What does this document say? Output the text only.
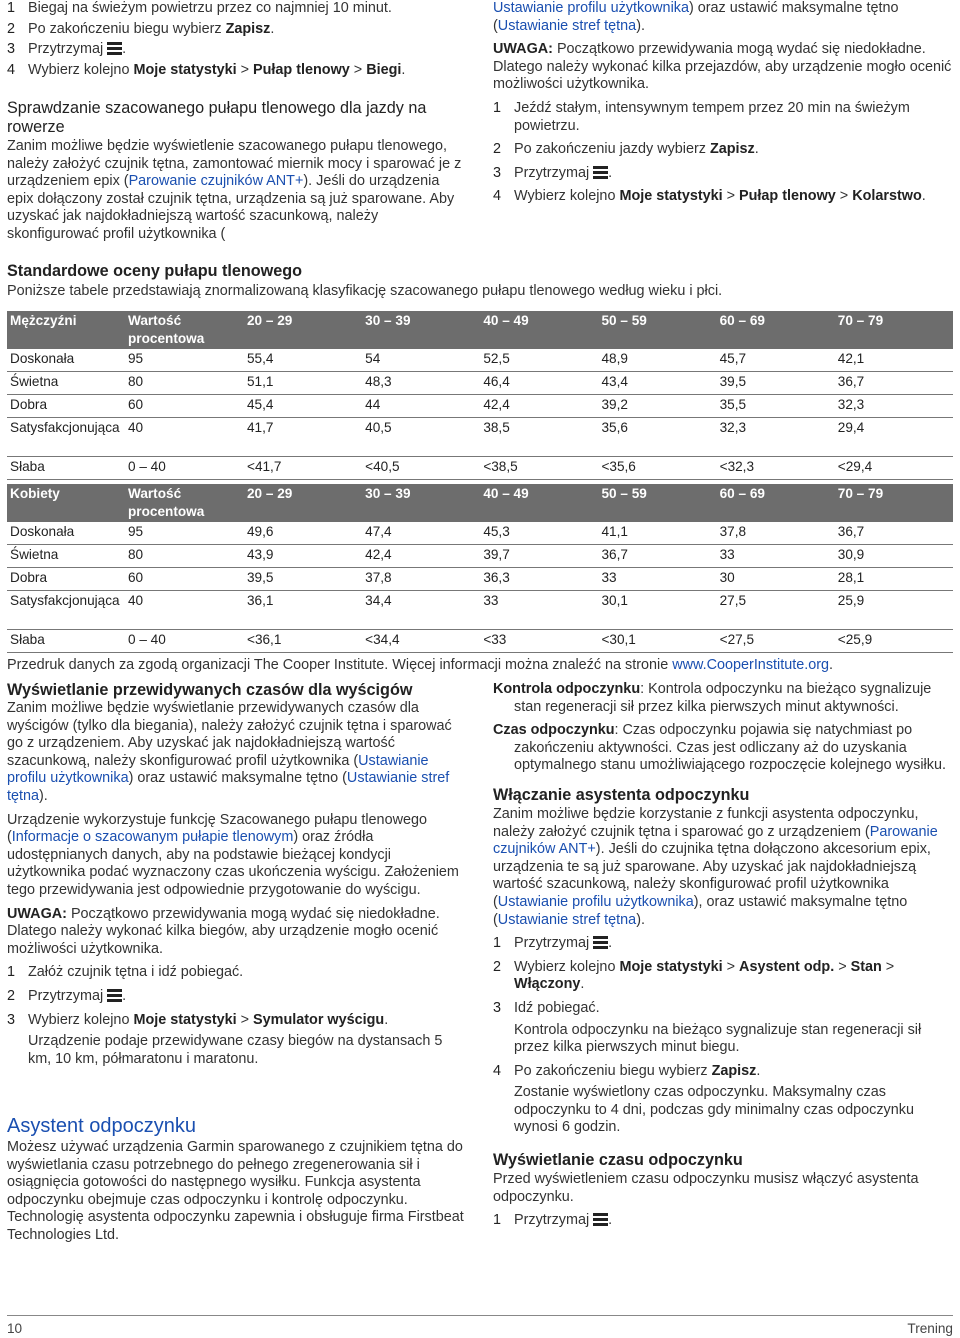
1 Biegaj na świeżym powietrzu przez co najmniej 10 minut.

2 Po zakończeniu biegu wybierz Zapisz.

3 Przytrzymaj
.

4 Wybierz kolejno Moje statystyki > Pułap tlenowy > Biegi.

Sprawdzanie szacowanego pułapu tlenowego dla jazdy na rowerze

Zanim możliwe będzie wyświetlenie szacowanego pułapu tlenowego, należy założyć czujnik tętna, zamontować miernik mocy i sparować je z urządzeniem epix (Parowanie czujników ANT+). Jeśli do urządzenia epix dołączony został czujnik tętna, urządzenia są już sparowane. Aby uzyskać jak najdokładniejszą wartość szacunkową, należy skonfigurować profil użytkownika (

Ustawianie profilu użytkownika) oraz ustawić maksymalne tętno (Ustawianie stref tętna).

UWAGA: Początkowo przewidywania mogą wydać się niedokładne. Dlatego należy wykonać kilka przejazdów, aby urządzenie mogło ocenić możliwości użytkownika.

1 Jeźdź stałym, intensywnym tempem przez 20 min na świeżym powietrzu.

2 Po zakończeniu jazdy wybierz Zapisz.

3 Przytrzymaj
.

4 Wybierz kolejno Moje statystyki > Pułap tlenowy > Kolarstwo.

Standardowe oceny pułapu tlenowego

Poniższe tabele przedstawiają znormalizowaną klasyfikację szacowanego pułapu tlenowego według wieku i płci.

Mężczyźni	Wartość procentowa	20 – 29	30 – 39	40 – 49	50 – 59	60 – 69	70 – 79
Doskonała	95	55,4	54	52,5	48,9	45,7	42,1
Świetna	80	51,1	48,3	46,4	43,4	39,5	36,7
Dobra	60	45,4	44	42,4	39,2	35,5	32,3
Satysfakcjonująca	40	41,7	40,5	38,5	35,6	32,3	29,4
Słaba	0 – 40	<41,7	<40,5	<38,5	<35,6	<32,3	<29,4
Kobiety	Wartość procentowa	20 – 29	30 – 39	40 – 49	50 – 59	60 – 69	70 – 79
Doskonała	95	49,6	47,4	45,3	41,1	37,8	36,7
Świetna	80	43,9	42,4	39,7	36,7	33	30,9
Dobra	60	39,5	37,8	36,3	33	30	28,1
Satysfakcjonująca	40	36,1	34,4	33	30,1	27,5	25,9
Słaba	0 – 40	<36,1	<34,4	<33	<30,1	<27,5	<25,9

Przedruk danych za zgodą organizacji The Cooper Institute. Więcej informacji można znaleźć na stronie www.CooperInstitute.org.

Wyświetlanie przewidywanych czasów dla wyścigów

Zanim możliwe będzie wyświetlanie przewidywanych czasów dla wyścigów (tylko dla biegania), należy założyć czujnik tętna i sparować go z urządzeniem. Aby uzyskać jak najdokładniejszą wartość szacunkową, należy skonfigurować profil użytkownika (Ustawianie profilu użytkownika) oraz ustawić maksymalne tętno (Ustawianie stref tętna).

Urządzenie wykorzystuje funkcję Szacowanego pułapu tlenowego (Informacje o szacowanym pułapie tlenowym) oraz źródła udostępnianych danych, aby na podstawie bieżącej kondycji użytkownika podać wyznaczony czas ukończenia wyścigu. Założeniem tego przewidywania jest odpowiednie przygotowanie do wyścigu.

UWAGA: Początkowo przewidywania mogą wydać się niedokładne. Dlatego należy wykonać kilka biegów, aby urządzenie mogło ocenić możliwości użytkownika.

1 Załóż czujnik tętna i idź pobiegać.

2 Przytrzymaj
.

3 Wybierz kolejno Moje statystyki > Symulator wyścigu.

Urządzenie podaje przewidywane czasy biegów na dystansach 5 km, 10 km, półmaratonu i maratonu.

Asystent odpoczynku

Możesz używać urządzenia Garmin sparowanego z czujnikiem tętna do wyświetlania czasu potrzebnego do pełnego zregenerowania sił i osiągnięcia gotowości do następnego wysiłku. Funkcja asystenta odpoczynku obejmuje czas odpoczynku i kontrolę odpoczynku. Technologię asystenta odpoczynku zapewnia i obsługuje firma Firstbeat Technologies Ltd.

Kontrola odpoczynku: Kontrola odpoczynku na bieżąco sygnalizuje stan regeneracji sił przez kilka pierwszych minut aktywności.

Czas odpoczynku: Czas odpoczynku pojawia się natychmiast po zakończeniu aktywności. Czas jest odliczany aż do uzyskania optymalnego stanu umożliwiającego rozpoczęcie kolejnego wysiłku.

Włączanie asystenta odpoczynku

Zanim możliwe będzie korzystanie z funkcji asystenta odpoczynku, należy założyć czujnik tętna i sparować go z urządzeniem (Parowanie czujników ANT+). Jeśli do czujnika tętna dołączono akcesorium epix, urządzenia te są już sparowane. Aby uzyskać jak najdokładniejszą wartość szacunkową, należy skonfigurować profil użytkownika (Ustawianie profilu użytkownika), oraz ustawić maksymalne tętno (Ustawianie stref tętna).

1 Przytrzymaj
.

2 Wybierz kolejno Moje statystyki > Asystent odp. > Stan > Włączony.

3 Idź pobiegać.

Kontrola odpoczynku na bieżąco sygnalizuje stan regeneracji sił przez kilka pierwszych minut biegu.

4 Po zakończeniu biegu wybierz Zapisz.

Zostanie wyświetlony czas odpoczynku. Maksymalny czas odpoczynku to 4 dni, podczas gdy minimalny czas odpoczynku wynosi 6 godzin.

Wyświetlanie czasu odpoczynku

Przed wyświetleniem czasu odpoczynku musisz włączyć asystenta odpoczynku.

1 Przytrzymaj
.

10	Trening
